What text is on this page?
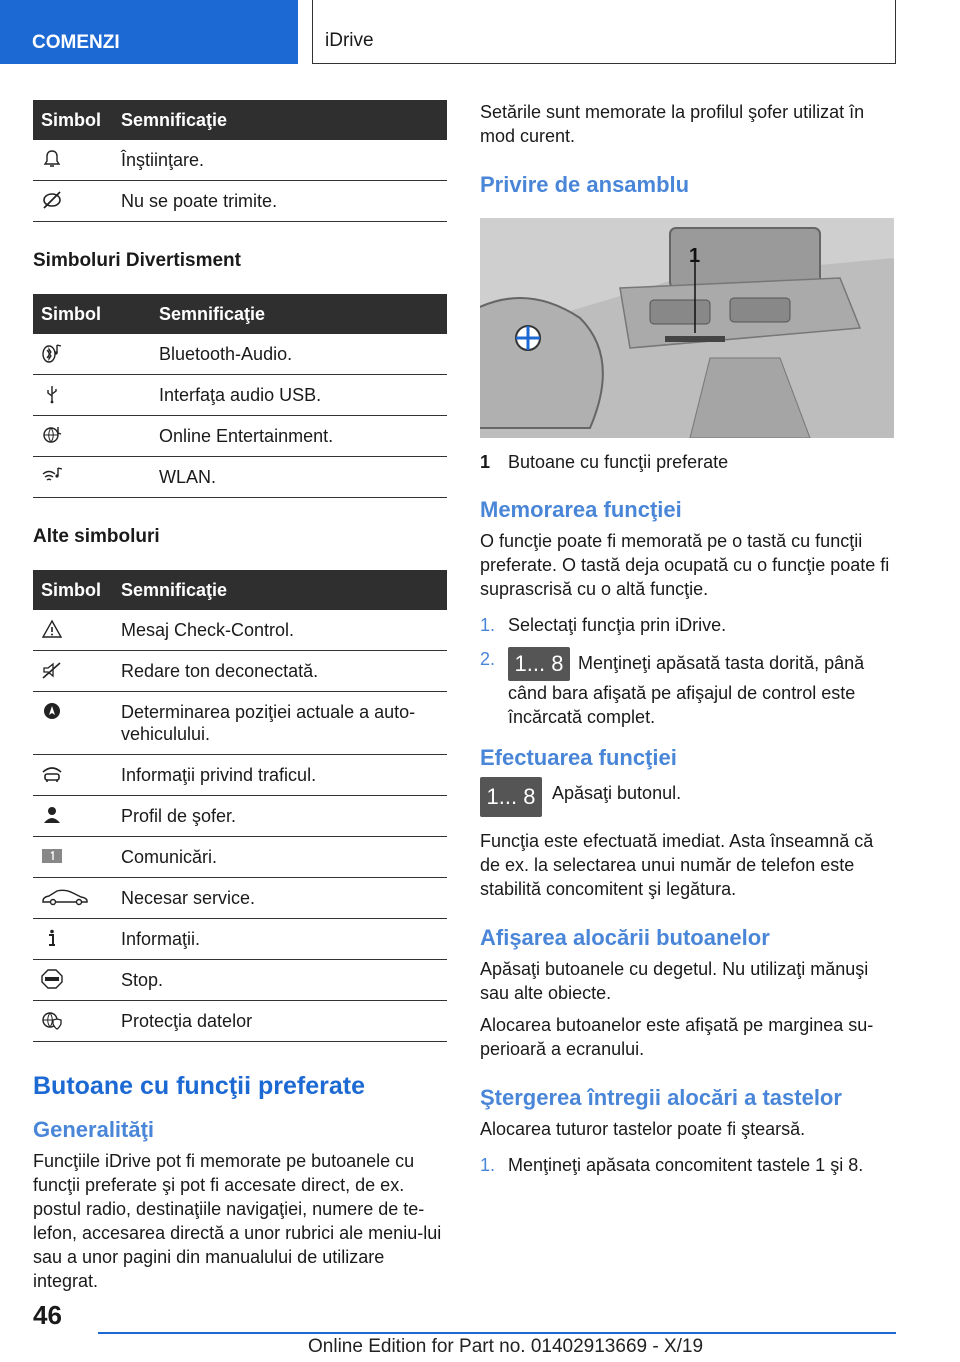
COMENZI	iDrive
Simbol	Semnificaţie

	Înştiinţare.

	Nu se poate trimite.
Simboluri Divertisment
Simbol	Semnificaţie

	Bluetooth-Audio.

	Interfaţa audio USB.

	Online Entertainment.

	WLAN.
Alte simboluri
Simbol	Semnificaţie

	Mesaj Check-Control.

	Redare ton deconectată.

	Determinarea poziţiei actuale a auto-vehiculului.

	Informaţii privind traficul.

	Profil de şofer.

	Comunicări.

	Necesar service.

	Informaţii.

	Stop.

	Protecţia datelor
Butoane cu funcţii preferate
Generalităţi

Funcţiile iDrive pot fi memorate pe butoanele cu funcţii preferate şi pot fi accesate direct, de ex. postul radio, destinaţiile navigaţiei, numere de te-lefon, accesarea directă a unor rubrici ale meniu-lui sau a unor pagini din manualului de utilizare integrat.

Setările sunt memorate la profilul şofer utilizat în mod curent.

Privire de ansamblu
1
1 Butoane cu funcţii preferate
Memorarea funcţiei

O funcţie poate fi memorată pe o tastă cu funcţii preferate. O tastă deja ocupată cu o funcţie poate fi suprascrisă cu o altă funcţie.

1. Selectaţi funcţia prin iDrive.
2. 1... 8 Menţineţi apăsată tasta dorită, până când bara afişată pe afişajul de control este încărcată complet.
Efectuarea funcţiei
1... 8 Apăsaţi butonul.

Funcţia este efectuată imediat. Asta înseamnă că de ex. la selectarea unui număr de telefon este stabilită concomitent şi legătura.

Afişarea alocării butoanelor

Apăsaţi butoanele cu degetul. Nu utilizaţi mănuşi sau alte obiecte.

Alocarea butoanelor este afişată pe marginea su-perioară a ecranului.

Ştergerea întregii alocări a tastelor

Alocarea tuturor tastelor poate fi ştearsă.

1. Menţineţi apăsata concomitent tastele 1 şi 8.
46
Online Edition for Part no. 01402913669 - X/19
